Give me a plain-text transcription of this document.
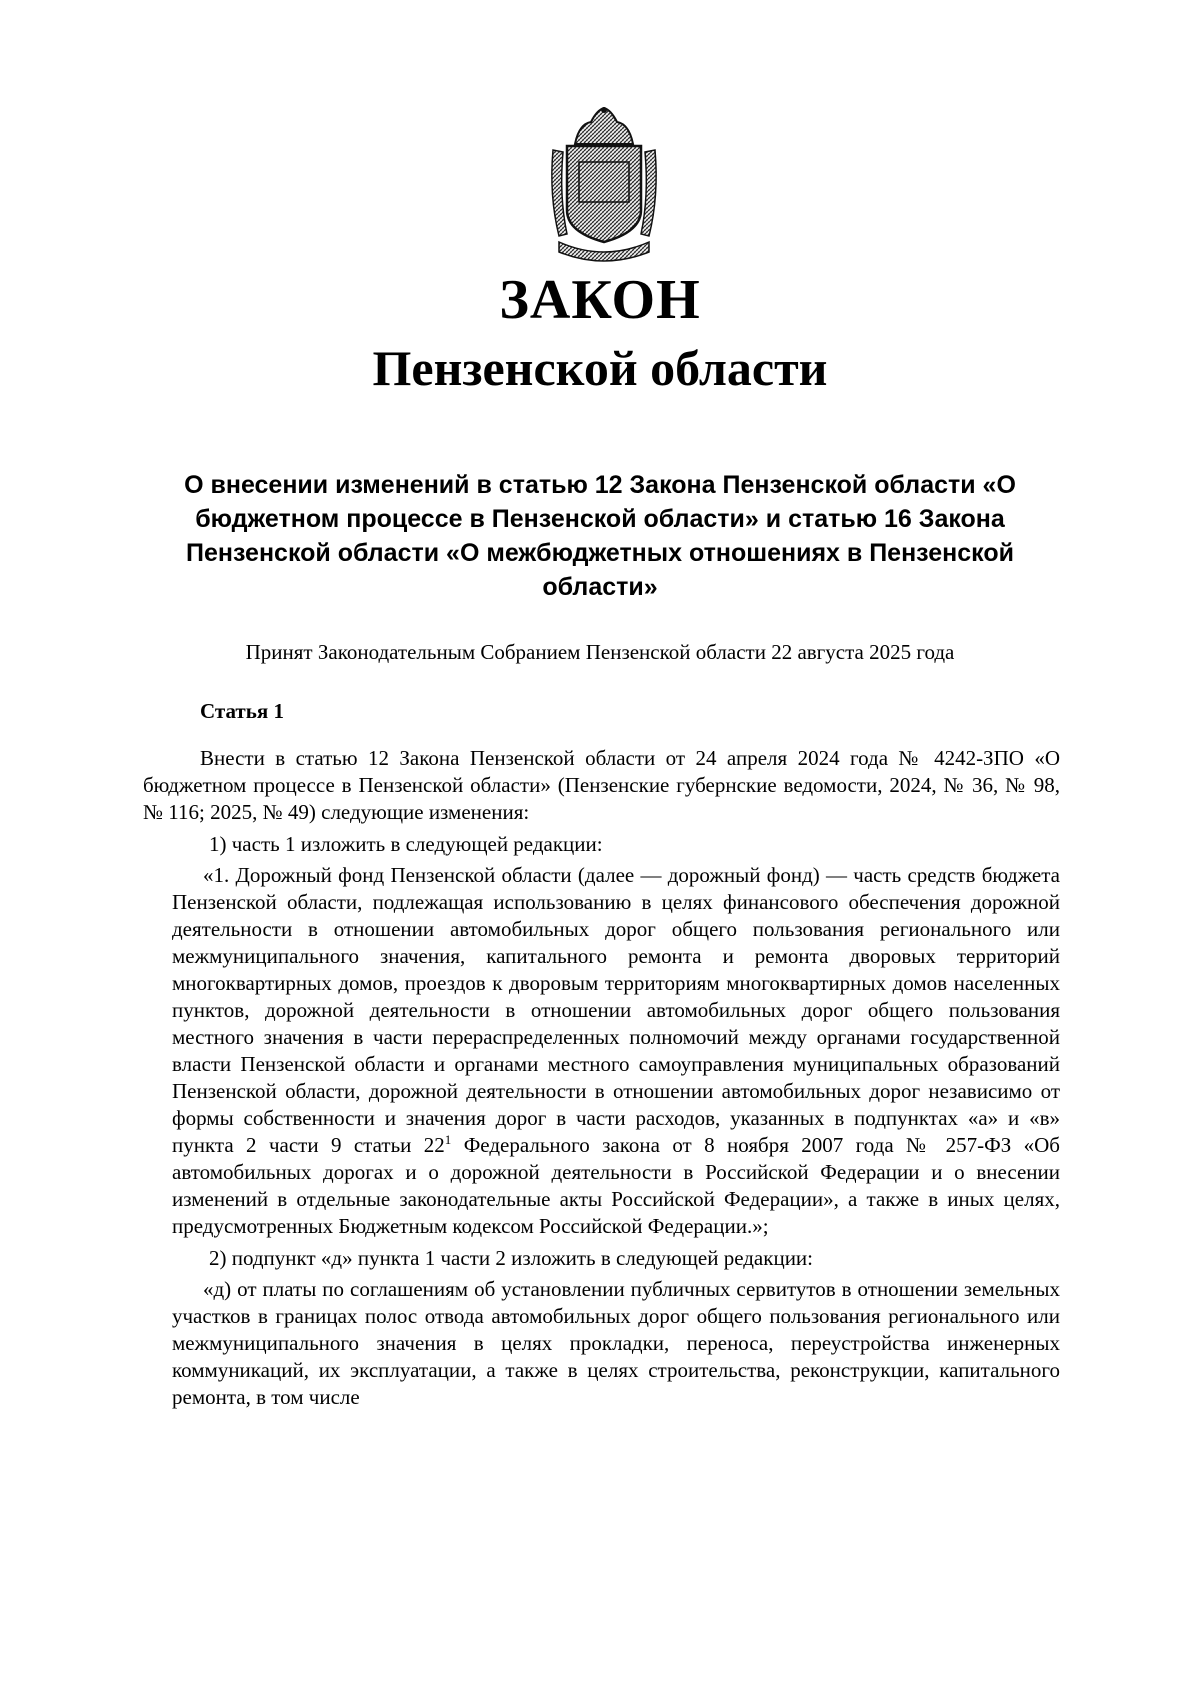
ЗАКОН
Пензенской области

О внесении изменений в статью 12 Закона Пензенской области «О бюджетном процессе в Пензенской области» и статью 16 Закона Пензенской области «О межбюджетных отношениях в Пензенской области»

Принят Законодательным Собранием Пензенской области 22 августа 2025 года

Статья 1

Внести в статью 12 Закона Пензенской области от 24 апреля 2024 года № 4242-ЗПО «О бюджетном процессе в Пензенской области» (Пензенские губернские ведомости, 2024, № 36, № 98, № 116; 2025, № 49) следующие изменения:

1) часть 1 изложить в следующей редакции:

«1. Дорожный фонд Пензенской области (далее — дорожный фонд) — часть средств бюджета Пензенской области, подлежащая использованию в целях финансового обеспечения дорожной деятельности в отношении автомобильных дорог общего пользования регионального или межмуниципального значения, капитального ремонта и ремонта дворовых территорий многоквартирных домов, проездов к дворовым территориям многоквартирных домов населенных пунктов, дорожной деятельности в отношении автомобильных дорог общего пользования местного значения в части перераспределенных полномочий между органами государственной власти Пензенской области и органами местного самоуправления муниципальных образований Пензенской области, дорожной деятельности в отношении автомобильных дорог независимо от формы собственности и значения дорог в части расходов, указанных в подпунктах «а» и «в» пункта 2 части 9 статьи $22^1$ Федерального закона от 8 ноября 2007 года № 257-ФЗ «Об автомобильных дорогах и о дорожной деятельности в Российской Федерации и о внесении изменений в отдельные законодательные акты Российской Федерации», а также в иных целях, предусмотренных Бюджетным кодексом Российской Федерации.»;

2) подпункт «д» пункта 1 части 2 изложить в следующей редакции:

«д) от платы по соглашениям об установлении публичных сервитутов в отношении земельных участков в границах полос отвода автомобильных дорог общего пользования регионального или межмуниципального значения в целях прокладки, переноса, переустройства инженерных коммуникаций, их эксплуатации, а также в целях строительства, реконструкции, капитального ремонта, в том числе
